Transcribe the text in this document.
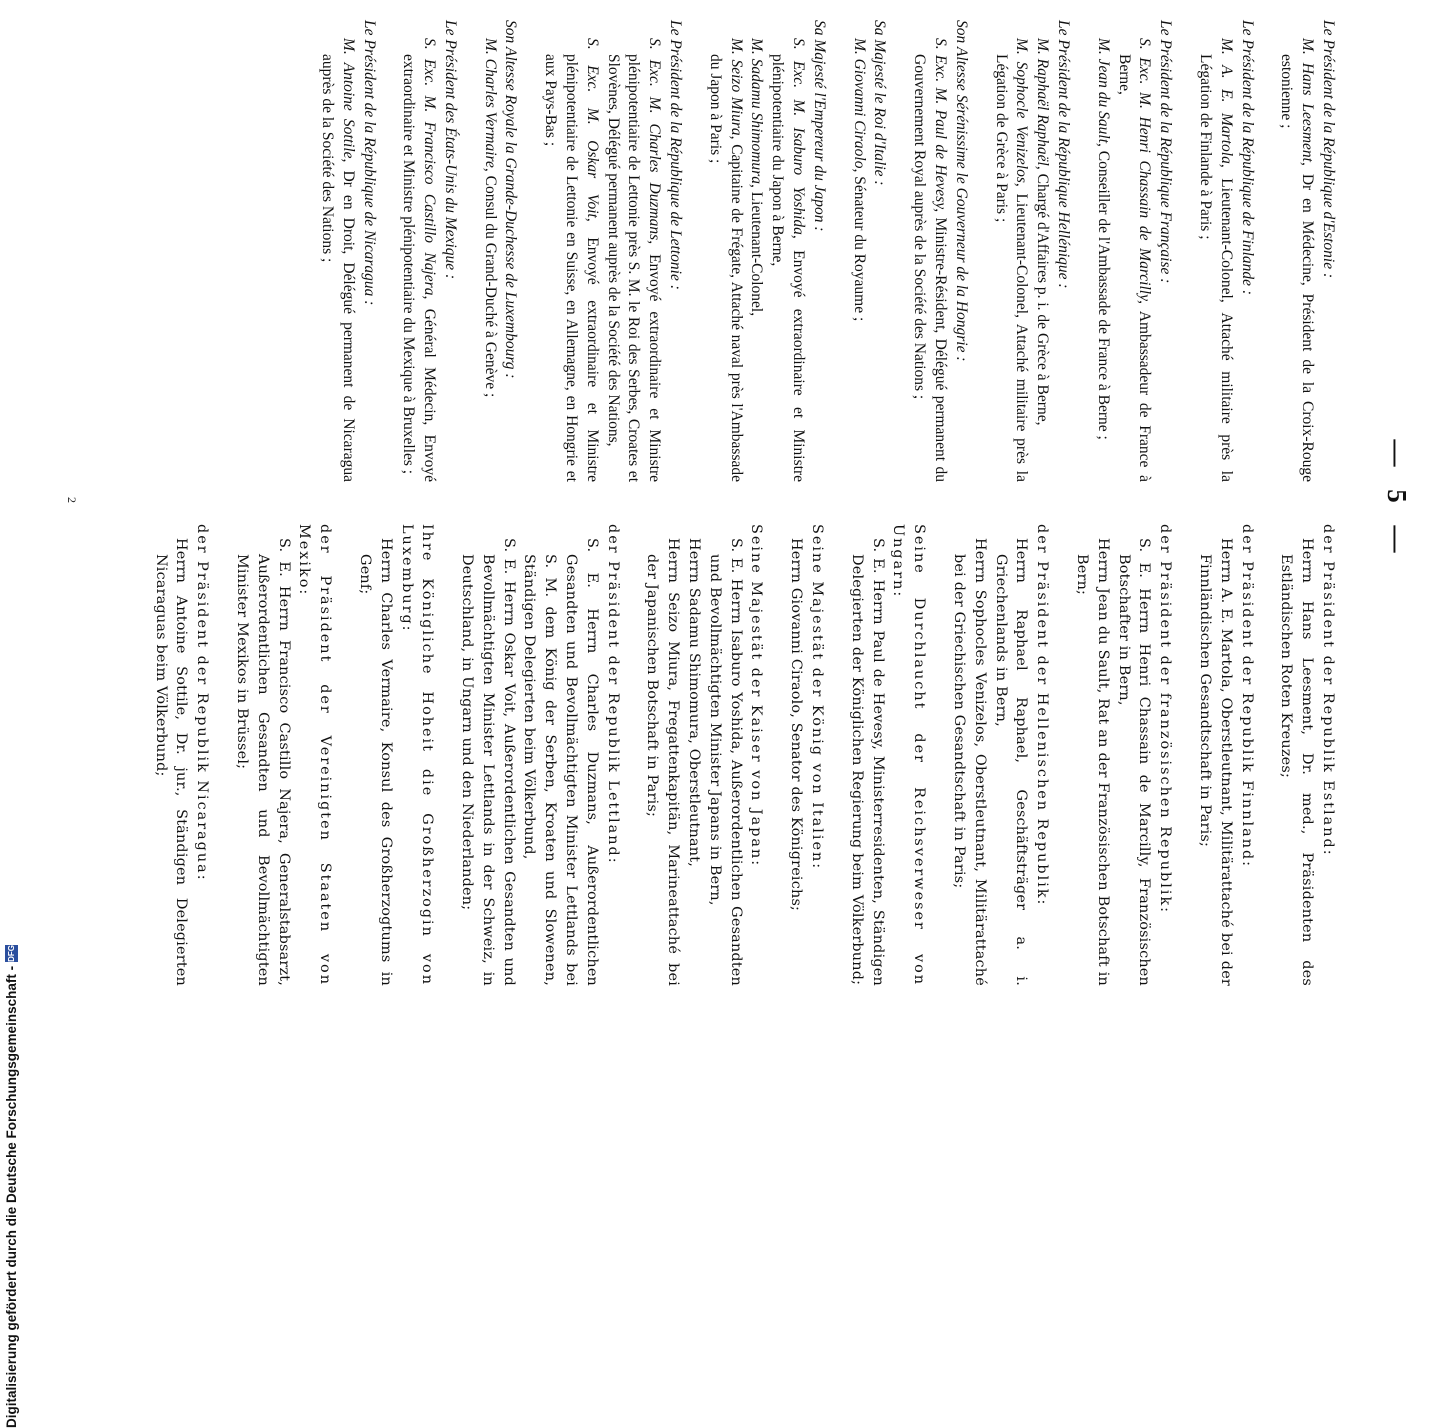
— 5 —
Le Président de la République d'Estonie :
M. Hans Leesment, Dr en Médecine, Président de la Croix-Rouge estonienne ;
Le Président de la République de Finlande :
M. A. E. Martola, Lieutenant-Colonel, Attaché militaire près la Légation de Finlande à Paris ;
Le Président de la République Française :
S. Exc. M. Henri Chassain de Marcilly, Ambassadeur de France à Berne,
M. Jean du Sault, Conseiller de l'Ambassade de France à Berne ;
Le Président de la République Hellénique :
M. Raphaël Raphaël, Chargé d'Affaires p. i. de Grèce à Berne,
M. Sophocle Venizelos, Lieutenant-Colonel, Attaché militaire près la Légation de Grèce à Paris ;
Son Altesse Sérénissime le Gouverneur de la Hongrie :
S. Exc. M. Paul de Hevesy, Ministre-Résident, Délégué permanent du Gouvernement Royal auprès de la Société des Nations ;
Sa Majesté le Roi d'Italie :
M. Giovanni Ciraolo, Sénateur du Royaume ;
Sa Majesté l'Empereur du Japon :
S. Exc. M. Isaburo Yoshida, Envoyé extraordinaire et Ministre plénipotentiaire du Japon à Berne,
M. Sadamu Shimomura, Lieutenant-Colonel,
M. Seizo Miura, Capitaine de Frégate, Attaché naval près l'Ambassade du Japon à Paris ;
Le Président de la République de Lettonie :
S. Exc. M. Charles Duzmans, Envoyé extraordinaire et Ministre plénipotentiaire de Lettonie près S. M. le Roi des Serbes, Croates et Slovènes, Délégué permanent auprès de la Société des Nations,
S. Exc. M. Oskar Voit, Envoyé extraordinaire et Ministre plénipotentiaire de Lettonie en Suisse, en Allemagne, en Hongrie et aux Pays-Bas ;
Son Altesse Royale la Grande-Duchesse de Luxembourg :
M. Charles Vermaire, Consul du Grand-Duché à Genève ;
Le Président des États-Unis du Mexique :
S. Exc. M. Francisco Castillo Najera, Général Médecin, Envoyé extraordinaire et Ministre plénipotentiaire du Mexique à Bruxelles ;
Le Président de la République de Nicaragua :
M. Antoine Sottile, Dr en Droit, Délégué permanent de Nicaragua auprès de la Société des Nations ;
der Präsident der Republik Estland:
Herrn Hans Leesment, Dr. med., Präsidenten des Estländischen Roten Kreuzes;
der Präsident der Republik Finnland:
Herrn A. E. Martola, Oberstleutnant, Militärattaché bei der Finnländischen Gesandtschaft in Paris;
der Präsident der französischen Republik:
S. E. Herrn Henri Chassain de Marcilly, Französischen Botschafter in Bern,
Herrn Jean du Sault, Rat an der Französischen Botschaft in Bern;
der Präsident der Hellenischen Republik:
Herrn Raphael Raphael, Geschäftsträger a. i. Griechenlands in Bern,
Herrn Sophocles Venizelos, Oberstleutnant, Militärattaché bei der Griechischen Gesandtschaft in Paris;
Seine Durchlaucht der Reichsverweser von Ungarn:
S. E. Herrn Paul de Hevesy, Ministerresidenten, Ständigen Delegierten der Königlichen Regierung beim Völkerbund;
Seine Majestät der König von Italien:
Herrn Giovanni Ciraolo, Senator des Königreichs;
Seine Majestät der Kaiser von Japan:
S. E. Herrn Isaburo Yoshida, Außerordentlichen Gesandten und Bevollmächtigten Minister Japans in Bern,
Herrn Sadamu Shimomura, Oberstleutnant,
Herrn Seizo Miura, Fregattenkapitän, Marineattaché bei der Japanischen Botschaft in Paris;
der Präsident der Republik Lettland:
S. E. Herrn Charles Duzmans, Außerordentlichen Gesandten und Bevollmächtigten Minister Lettlands bei S. M. dem König der Serben, Kroaten und Slowenen, Ständigen Delegierten beim Völkerbund,
S. E. Herrn Oskar Voit, Außerordentlichen Gesandten und Bevollmächtigten Minister Lettlands in der Schweiz, in Deutschland, in Ungarn und den Niederlanden;
Ihre Königliche Hoheit die Großherzogin von Luxemburg:
Herrn Charles Vermaire, Konsul des Großherzogtums in Genf;
der Präsident der Vereinigten Staaten von Mexiko:
S. E. Herrn Francisco Castillo Najera, Generalstabsarzt, Außerordentlichen Gesandten und Bevollmächtigten Minister Mexikos in Brüssel;
der Präsident der Republik Nicaragua:
Herrn Antoine Sottile, Dr. jur., Ständigen Delegierten Nicaraguas beim Völkerbund;
2
Digitalisierung gefördert durch die Deutsche Forschungsgemeinschaft -
DFG
